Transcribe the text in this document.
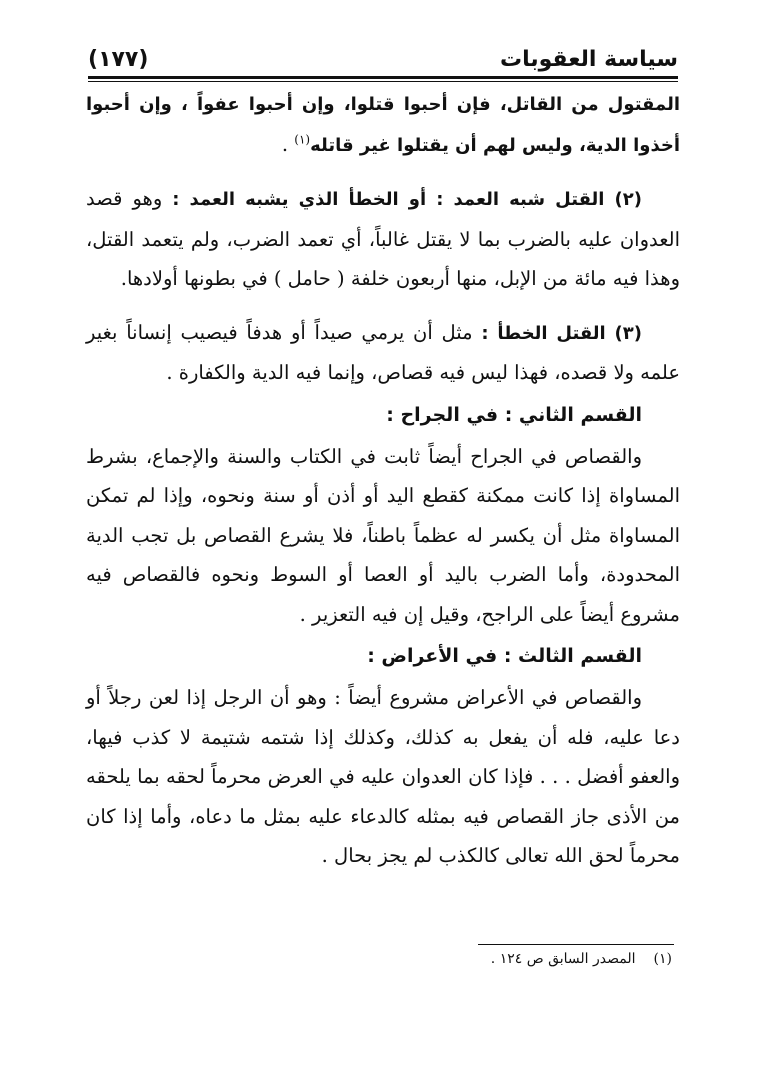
سياسة العقوبات
(١٧٧)

المقتول من القاتل، فإن أحبوا قتلوا، وإن أحبوا عفواً ، وإن أحبوا أخذوا الدية، وليس لهم أن يقتلوا غير قاتله$^{(١)}$ .

(٢) القتل شبه العمد : أو الخطأ الذي يشبه العمد : وهو قصد العدوان عليه بالضرب بما لا يقتل غالباً، أي تعمد الضرب، ولم يتعمد القتل، وهذا فيه مائة من الإبل، منها أربعون خلفة ( حامل ) في بطونها أولادها.

(٣) القتل الخطأ : مثل أن يرمي صيداً أو هدفاً فيصيب إنساناً بغير علمه ولا قصده، فهذا ليس فيه قصاص، وإنما فيه الدية والكفارة .

القسم الثاني : في الجراح :

والقصاص في الجراح أيضاً ثابت في الكتاب والسنة والإجماع، بشرط المساواة إذا كانت ممكنة كقطع اليد أو أذن أو سنة ونحوه، وإذا لم تمكن المساواة مثل أن يكسر له عظماً باطناً، فلا يشرع القصاص بل تجب الدية المحدودة، وأما الضرب باليد أو العصا أو السوط ونحوه فالقصاص فيه مشروع أيضاً على الراجح، وقيل إن فيه التعزير .

القسم الثالث : في الأعراض :

والقصاص في الأعراض مشروع أيضاً : وهو أن الرجل إذا لعن رجلاً أو دعا عليه، فله أن يفعل به كذلك، وكذلك إذا شتمه شتيمة لا كذب فيها، والعفو أفضل . . . فإذا كان العدوان عليه في العرض محرماً لحقه بما يلحقه من الأذى جاز القصاص فيه بمثله كالدعاء عليه بمثل ما دعاه، وأما إذا كان محرماً لحق الله تعالى كالكذب لم يجز بحال .

(١)المصدر السابق ص ١٢٤ .
